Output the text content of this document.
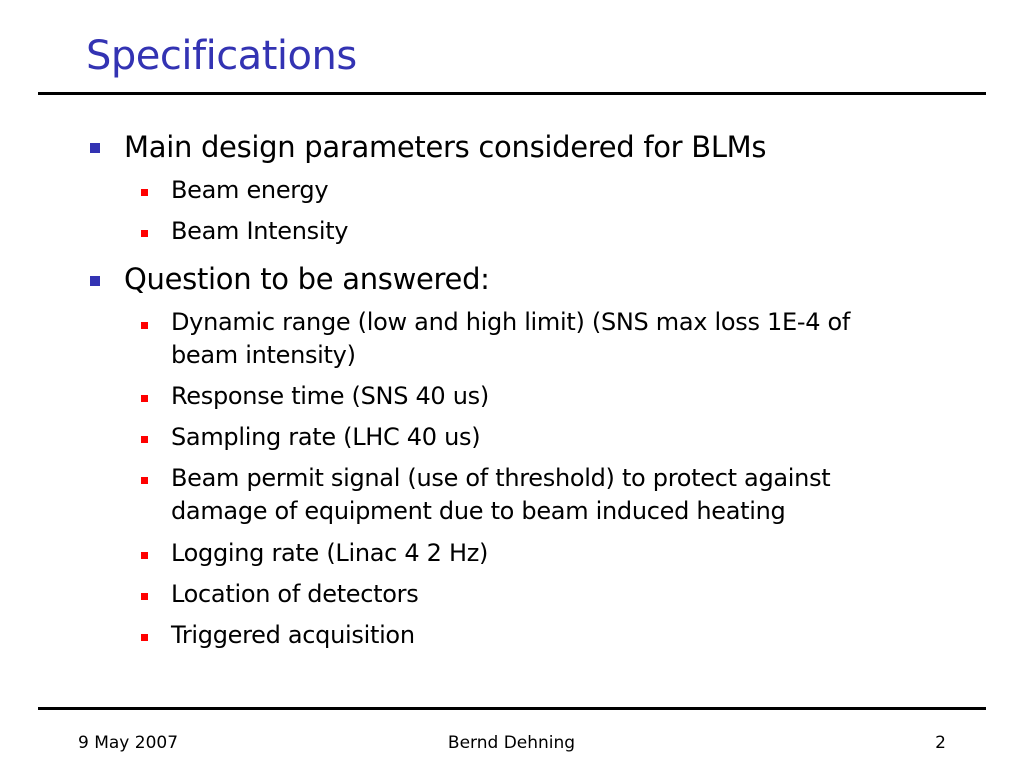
Specifications
Main design parameters considered for BLMs
Beam energy
Beam Intensity
Question to be answered:
Dynamic range (low and high limit) (SNS max loss 1E-4 of beam intensity)
Response time (SNS 40 us)
Sampling rate (LHC 40 us)
Beam permit signal (use of threshold) to protect against damage of equipment due to beam induced heating
Logging rate (Linac 4 2 Hz)
Location of detectors
Triggered acquisition
9 May 2007	Bernd Dehning	2
